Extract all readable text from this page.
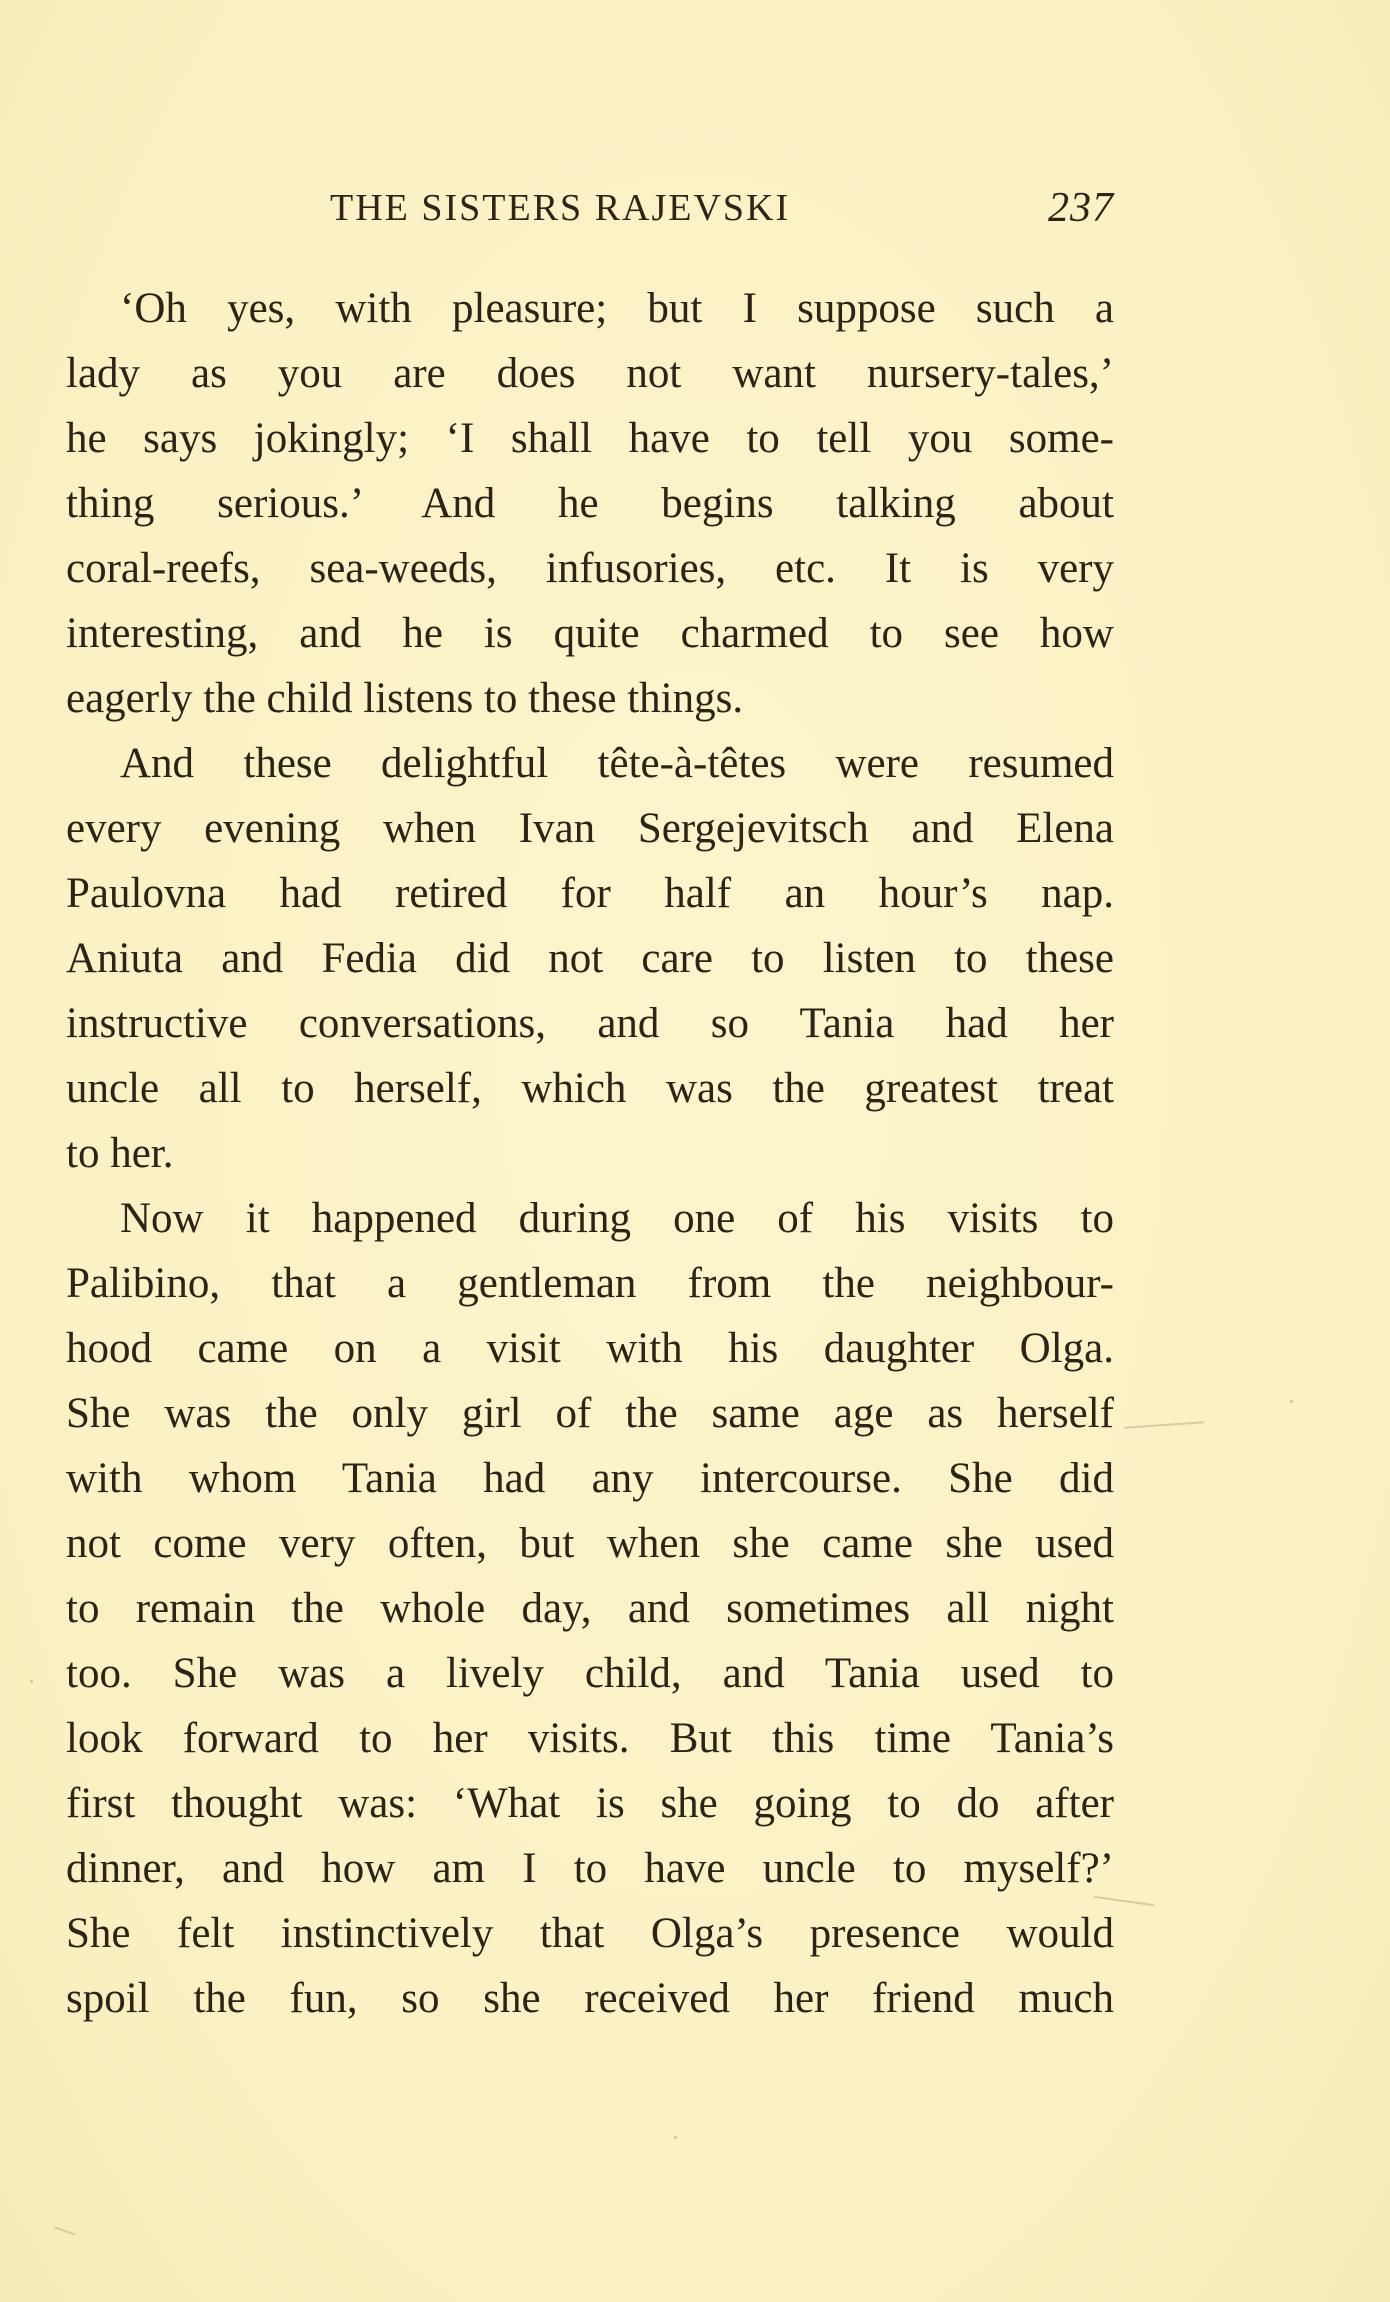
THE SISTERS RAJEVSKI	237
‘Oh yes, with pleasure; but I suppose such a
lady as you are does not want nursery-tales,’
he says jokingly; ‘I shall have to tell you some-
thing serious.’ And he begins talking about
coral-reefs, sea-weeds, infusories, etc. It is very
interesting, and he is quite charmed to see how
eagerly the child listens to these things.
And these delightful tête-à-têtes were resumed
every evening when Ivan Sergejevitsch and Elena
Paulovna had retired for half an hour’s nap.
Aniuta and Fedia did not care to listen to these
instructive conversations, and so Tania had her
uncle all to herself, which was the greatest treat
to her.
Now it happened during one of his visits to
Palibino, that a gentleman from the neighbour-
hood came on a visit with his daughter Olga.
She was the only girl of the same age as herself
with whom Tania had any intercourse. She did
not come very often, but when she came she used
to remain the whole day, and sometimes all night
too. She was a lively child, and Tania used to
look forward to her visits. But this time Tania’s
first thought was: ‘What is she going to do after
dinner, and how am I to have uncle to myself?’
She felt instinctively that Olga’s presence would
spoil the fun, so she received her friend much
